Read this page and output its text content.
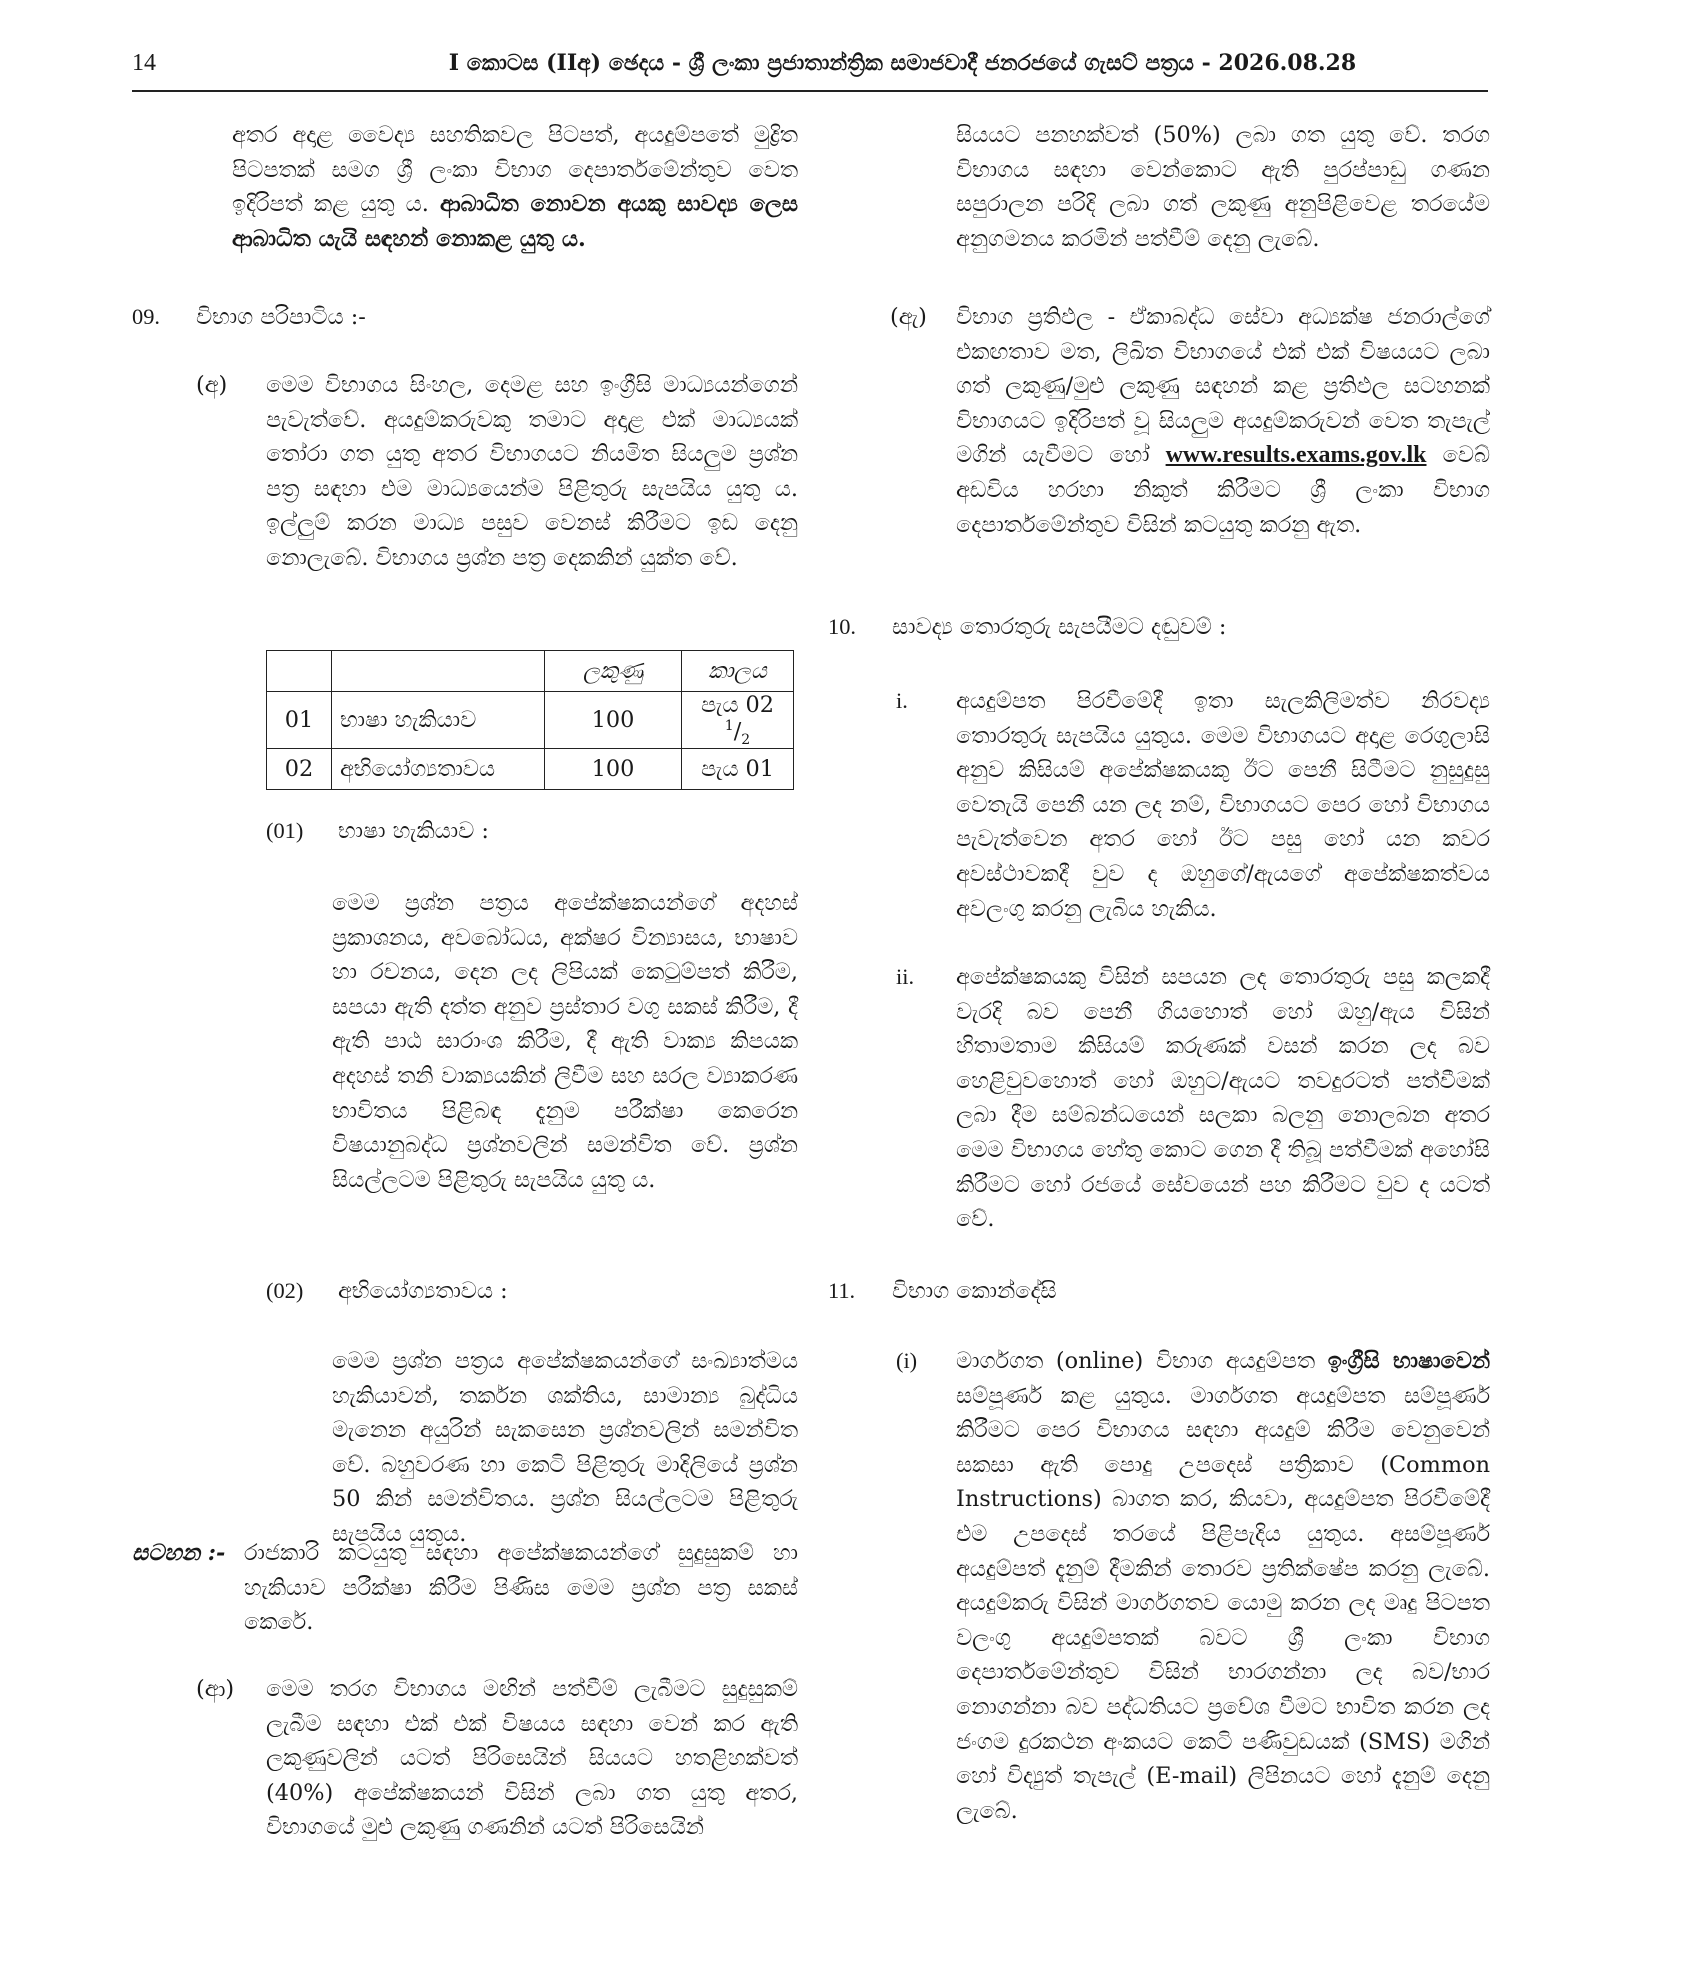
14	I කොටස (IIඅ) ඡෙදය - ශ්‍රී ලංකා ප්‍රජාතාන්ත්‍රික සමාජවාදී ජනරජයේ ගැසට් පත්‍රය - 2026.08.28

අතර අදාළ වෛද්‍ය සහතිකවල පිටපත්, අයදුම්පතේ මුද්‍රිත පිටපතක් සමග ශ්‍රී ලංකා විභාග දෙපාර්තමේන්තුව වෙත ඉදිරිපත් කළ යුතු ය. ආබාධිත නොවන අයකු සාවද්‍ය ලෙස ආබාධිත යැයි සඳහන් නොකළ යුතු ය.

09. විභාග පරිපාටිය :-
(අ) මෙම විභාගය සිංහල, දෙමළ සහ ඉංග්‍රීසි මාධ්‍යයන්ගෙන් පැවැත්වේ. අයදුම්කරුවකු තමාට අදාළ එක් මාධ්‍යයක් තෝරා ගත යුතු අතර විභාගයට නියමිත සියලුම ප්‍රශ්න පත්‍ර සඳහා එම මාධ්‍යයෙන්ම පිළිතුරු සැපයිය යුතු ය. ඉල්ලුම් කරන මාධ්‍ය පසුව වෙනස් කිරීමට ඉඩ දෙනු නොලැබේ. විභාගය ප්‍රශ්න පත්‍ර දෙකකින් යුක්ත වේ.

		ලකුණු	කාලය
01	භාෂා හැකියාව	100	පැය 02 $^1/_2$
02	අභියෝග්‍යතාවය	100	පැය 01
(01) භාෂා හැකියාව :

මෙම ප්‍රශ්න පත්‍රය අපේක්ෂකයන්ගේ අදහස් ප්‍රකාශනය, අවබෝධය, අක්ෂර වින්‍යාසය, භාෂාව හා රචනය, දෙන ලද ලිපියක් කෙටුම්පත් කිරීම, සපයා ඇති දත්ත අනුව ප්‍රස්තාර වගු සකස් කිරීම, දී ඇති පාඨ සාරාංශ කිරීම, දී ඇති වාක්‍ය කිපයක අදහස් තනි වාක්‍යයකින් ලිවීම සහ සරල ව්‍යාකරණ භාවිතය පිළිබඳ දැනුම පරීක්ෂා කෙරෙන විෂයානුබද්ධ ප්‍රශ්නවලින් සමන්විත වේ. ප්‍රශ්න සියල්ලටම පිළිතුරු සැපයිය යුතු ය.

(02) අභියෝග්‍යතාවය :

මෙම ප්‍රශ්න පත්‍රය අපේක්ෂකයන්ගේ සංඛ්‍යාත්මය හැකියාවන්, තර්කන ශක්තිය, සාමාන්‍ය බුද්ධිය මැනෙන අයුරින් සැකසෙන ප්‍රශ්නවලින් සමන්විත වේ. බහුවරණ හා කෙටි පිළිතුරු මාදිලියේ ප්‍රශ්න 50 කින් සමන්විතය. ප්‍රශ්න සියල්ලටම පිළිතුරු සැපයිය යුතුය.

සටහන :- රාජකාරි කටයුතු සඳහා අපේක්ෂකයන්ගේ සුදුසුකම් හා හැකියාව පරීක්ෂා කිරීම පිණිස මෙම ප්‍රශ්න පත්‍ර සකස් කෙරේ.

(ආ) මෙම තරග විභාගය මඟින් පත්වීම් ලැබීමට සුදුසුකම් ලැබීම සඳහා එක් එක් විෂයය සඳහා වෙන් කර ඇති ලකුණුවලින් යටත් පිරිසෙයින් සියයට හතළිහක්වත් (40%) අපේක්ෂකයන් විසින් ලබා ගත යුතු අතර, විභාගයේ මුළු ලකුණු ගණනින් යටත් පිරිසෙයින්

සියයට පනහක්වත් (50%) ලබා ගත යුතු වේ. තරග විභාගය සඳහා වෙන්කොට ඇති පුරප්පාඩු ගණන සපුරාලන පරිදි ලබා ගත් ලකුණු අනුපිළිවෙළ තරයේම අනුගමනය කරමින් පත්වීම් දෙනු ලැබේ.

(ඇ) විභාග ප්‍රතිඵල - ඒකාබද්ධ සේවා අධ්‍යක්ෂ ජනරාල්ගේ එකඟතාව මත, ලිඛිත විභාගයේ එක් එක් විෂයයට ලබා ගත් ලකුණු/මුළු ලකුණු සඳහන් කළ ප්‍රතිඵල සටහනක් විභාගයට ඉදිරිපත් වූ සියලුම අයදුම්කරුවන් වෙත තැපැල් මගින් යැවීමට හෝ www.results.exams.gov.lk වෙබ් අඩවිය හරහා නිකුත් කිරීමට ශ්‍රී ලංකා විභාග දෙපාර්තමේන්තුව විසින් කටයුතු කරනු ඇත.

10. සාවද්‍ය තොරතුරු සැපයීමට දඬුවම් :
i. අයදුම්පත පිරවීමේදී ඉතා සැලකිලිමත්ව නිරවද්‍ය තොරතුරු සැපයිය යුතුය. මෙම විභාගයට අදාළ රෙගුලාසි අනුව කිසියම් අපේක්ෂකයකු ඊට පෙනී සිටීමට නුසුදුසු වෙතැයි පෙනී යන ලද නම්, විභාගයට පෙර හෝ විභාගය පැවැත්වෙන අතර හෝ ඊට පසු හෝ යන කවර අවස්ථාවකදී වුව ද ඔහුගේ/ඇයගේ අපේක්ෂකත්වය අවලංගු කරනු ලැබිය හැකිය.

ii. අපේක්ෂකයකු විසින් සපයන ලද තොරතුරු පසු කලකදී වැරදි බව පෙනී ගියහොත් හෝ ඔහු/ඇය විසින් හිතාමතාම කිසියම් කරුණක් වසන් කරන ලද බව හෙළිවුවහොත් හෝ ඔහුට/ඇයට තවදුරටත් පත්වීමක් ලබා දීම සම්බන්ධයෙන් සලකා බලනු නොලබන අතර මෙම විභාගය හේතු කොට ගෙන දී තිබූ පත්වීමක් අහෝසි කිරීමට හෝ රජයේ සේවයෙන් පහ කිරීමට වුව ද යටත් වේ.

11. විභාග කොන්දේසි
(i) මාර්ගගත (online) විභාග අයදුම්පත ඉංග්‍රීසි භාෂාවෙන් සම්පූර්ණ කළ යුතුය. මාර්ගගත අයදුම්පත සම්පූර්ණ කිරීමට පෙර විභාගය සඳහා අයදුම් කිරීම වෙනුවෙන් සකසා ඇති පොදු උපදෙස් පත්‍රිකාව (Common Instructions) බාගත කර, කියවා, අයදුම්පත පිරවීමේදී එම උපදෙස් තරයේ පිළිපැදිය යුතුය. අසම්පූර්ණ අයදුම්පත් දැනුම් දීමකින් තොරව ප්‍රතික්ෂේප කරනු ලැබේ. අයදුම්කරු විසින් මාර්ගගතව යොමු කරන ලද මෘදු පිටපත වලංගු අයදුම්පතක් බවට ශ්‍රී ලංකා විභාග දෙපාර්තමේන්තුව විසින් භාරගන්නා ලද බව/භාර නොගන්නා බව පද්ධතියට ප්‍රවේශ වීමට භාවිත කරන ලද ජංගම දුරකථන අංකයට කෙටි පණිවුඩයක් (SMS) මගින් හෝ විද්‍යුත් තැපැල් (E-mail) ලිපිනයට හෝ දැනුම් දෙනු ලැබේ.
